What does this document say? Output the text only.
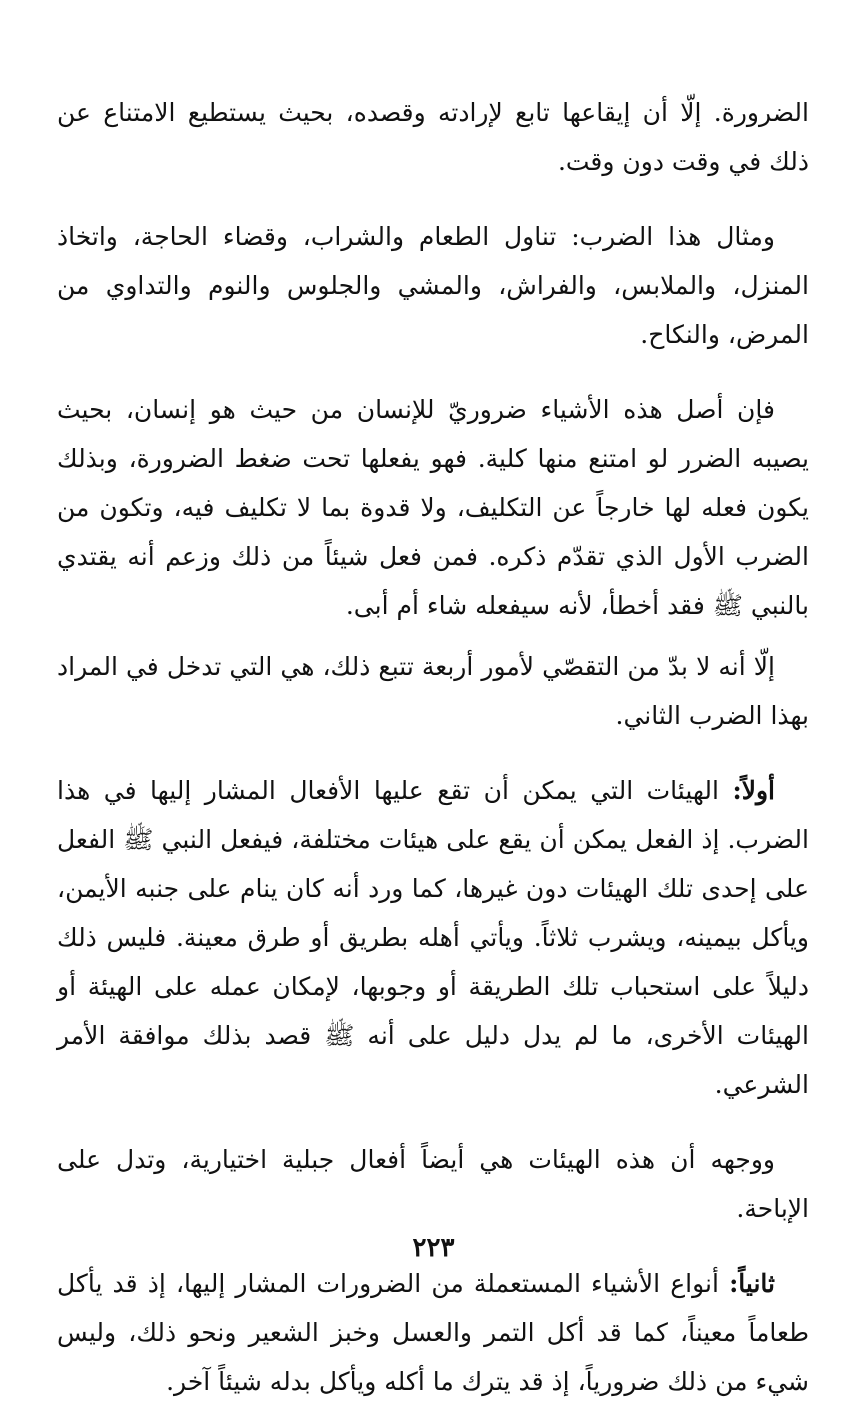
الضرورة. إلّا أن إيقاعها تابع لإرادته وقصده، بحيث يستطيع الامتناع عن ذلك في وقت دون وقت.

ومثال هذا الضرب: تناول الطعام والشراب، وقضاء الحاجة، واتخاذ المنزل، والملابس، والفراش، والمشي والجلوس والنوم والتداوي من المرض، والنكاح.

فإن أصل هذه الأشياء ضروريّ للإنسان من حيث هو إنسان، بحيث يصيبه الضرر لو امتنع منها كلية. فهو يفعلها تحت ضغط الضرورة، وبذلك يكون فعله لها خارجاً عن التكليف، ولا قدوة بما لا تكليف فيه، وتكون من الضرب الأول الذي تقدّم ذكره. فمن فعل شيئاً من ذلك وزعم أنه يقتدي بالنبي ﷺ فقد أخطأ، لأنه سيفعله شاء أم أبى.

إلّا أنه لا بدّ من التقصّي لأمور أربعة تتبع ذلك، هي التي تدخل في المراد بهذا الضرب الثاني.

أولاً: الهيئات التي يمكن أن تقع عليها الأفعال المشار إليها في هذا الضرب. إذ الفعل يمكن أن يقع على هيئات مختلفة، فيفعل النبي ﷺ الفعل على إحدى تلك الهيئات دون غيرها، كما ورد أنه كان ينام على جنبه الأيمن، ويأكل بيمينه، ويشرب ثلاثاً. ويأتي أهله بطريق أو طرق معينة. فليس ذلك دليلاً على استحباب تلك الطريقة أو وجوبها، لإمكان عمله على الهيئة أو الهيئات الأخرى، ما لم يدل دليل على أنه ﷺ قصد بذلك موافقة الأمر الشرعي.

ووجهه أن هذه الهيئات هي أيضاً أفعال جبلية اختيارية، وتدل على الإباحة.

ثانياً: أنواع الأشياء المستعملة من الضرورات المشار إليها، إذ قد يأكل طعاماً معيناً، كما قد أكل التمر والعسل وخبز الشعير ونحو ذلك، وليس شيء من ذلك ضرورياً، إذ قد يترك ما أكله ويأكل بدله شيئاً آخر.

٢٢٣
